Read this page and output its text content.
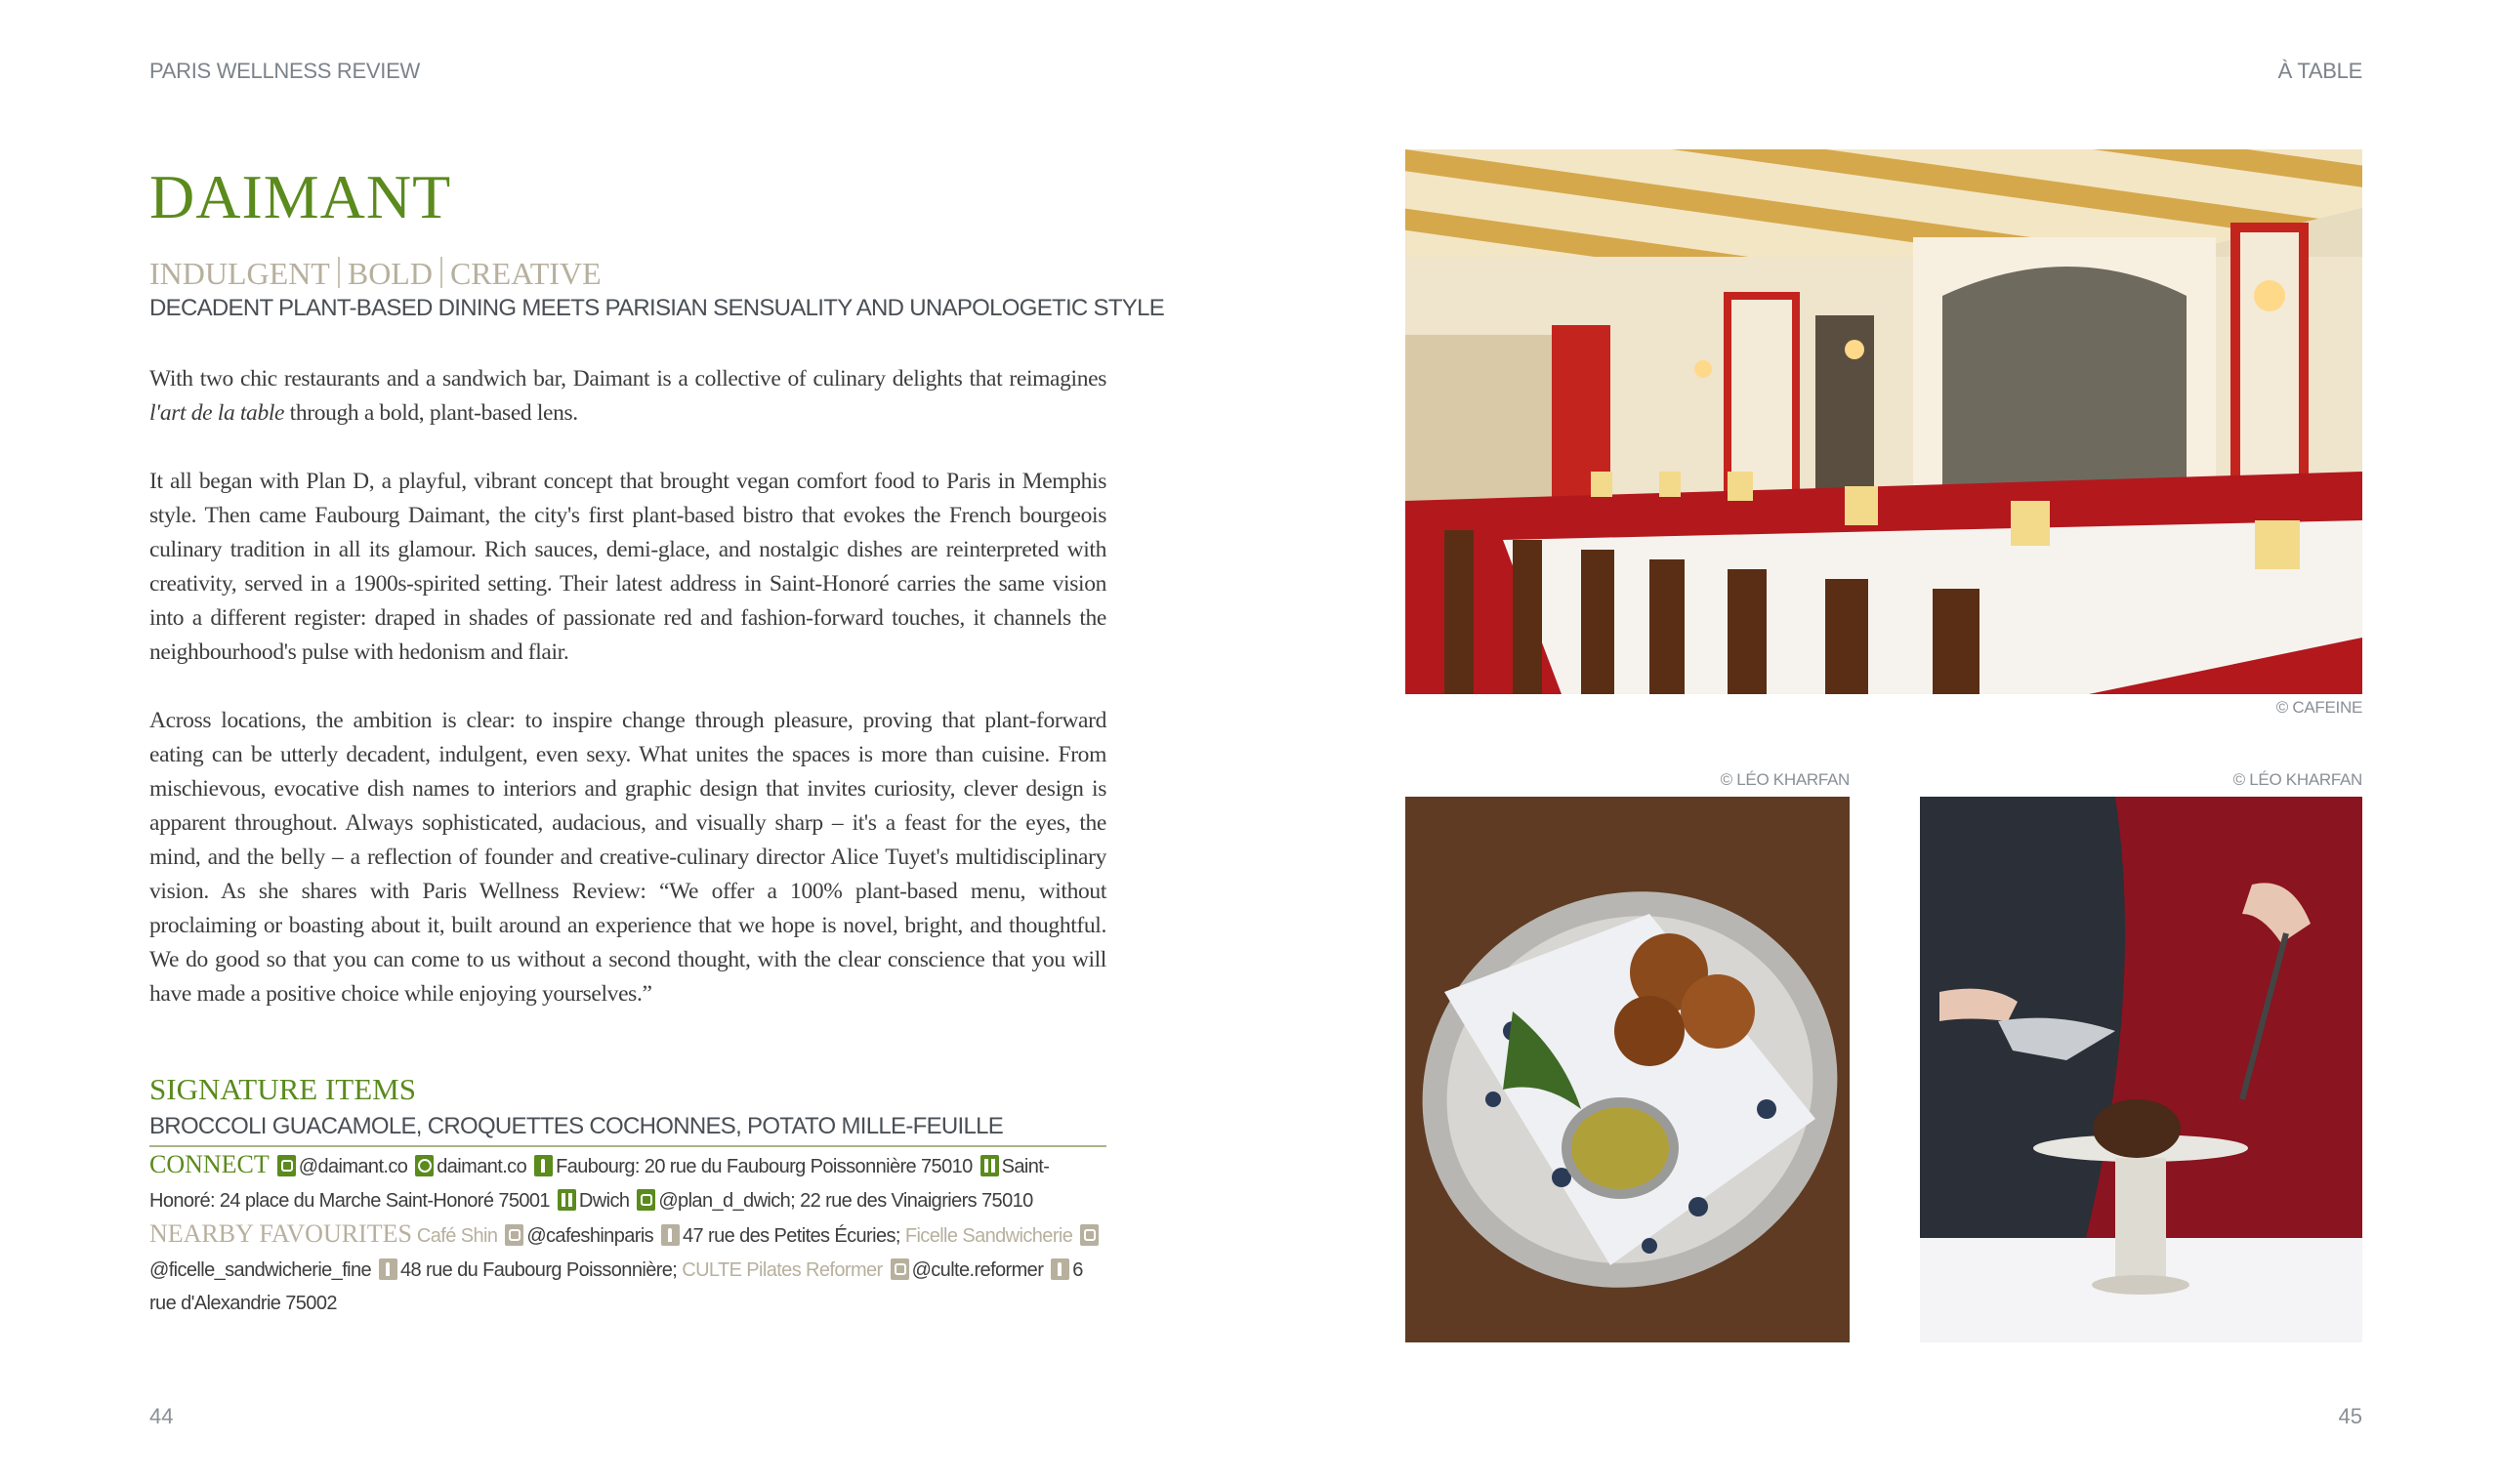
PARIS WELLNESS REVIEW	À TABLE
DAIMANT
INDULGENT BOLD CREATIVE
DECADENT PLANT-BASED DINING MEETS PARISIAN SENSUALITY AND UNAPOLOGETIC STYLE

With two chic restaurants and a sandwich bar, Daimant is a collective of culinary delights that reimagines l'art de la table through a bold, plant-based lens.

It all began with Plan D, a playful, vibrant concept that brought vegan comfort food to Paris in Memphis style. Then came Faubourg Daimant, the city's first plant-based bistro that evokes the French bourgeois culinary tradition in all its glamour. Rich sauces, demi-glace, and nostalgic dishes are reinterpreted with creativity, served in a 1900s-spirited setting. Their latest address in Saint-Honoré carries the same vision into a different register: draped in shades of passionate red and fashion-forward touches, it channels the neighbourhood's pulse with hedonism and flair.

Across locations, the ambition is clear: to inspire change through pleasure, proving that plant-forward eating can be utterly decadent, indulgent, even sexy. What unites the spaces is more than cuisine. From mischievous, evocative dish names to interiors and graphic design that invites curiosity, clever design is apparent throughout. Always sophisticated, audacious, and visually sharp – it's a feast for the eyes, the mind, and the belly – a reflection of founder and creative-culinary director Alice Tuyet's multidisciplinary vision. As she shares with Paris Wellness Review: “We offer a 100% plant-based menu, without proclaiming or boasting about it, built around an experience that we hope is novel, bright, and thoughtful. We do good so that you can come to us without a second thought, with the clear conscience that you will have made a positive choice while enjoying yourselves.”

SIGNATURE ITEMS
BROCCOLI GUACAMOLE, CROQUETTES COCHONNES, POTATO MILLE-FEUILLE
CONNECT @daimant.co daimant.co Faubourg: 20 rue du Faubourg Poissonnière 75010 Saint-Honoré: 24 place du Marche Saint-Honoré 75001 Dwich @plan_d_dwich; 22 rue des Vinaigriers 75010
NEARBY FAVOURITES Café Shin @cafeshinparis 47 rue des Petites Écuries; Ficelle Sandwicherie @ficelle_sandwicherie_fine 48 rue du Faubourg Poissonnière; CULTE Pilates Reformer @culte.reformer 6 rue d'Alexandrie 75002
© CAFEINE
© LÉO KHARFAN	© LÉO KHARFAN
44	45
